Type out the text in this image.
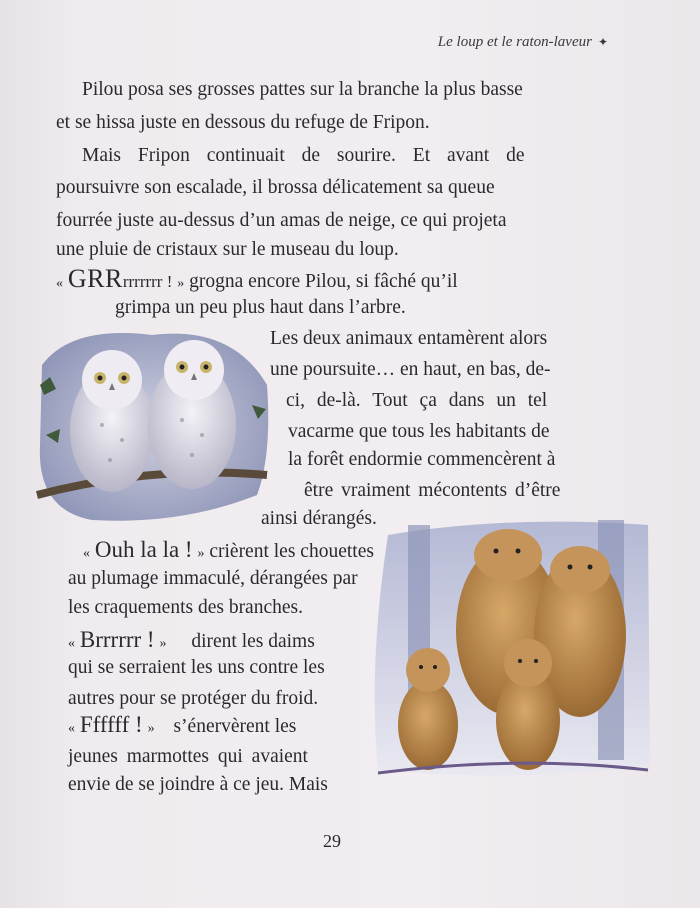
Le loup et le raton-laveur ✦
Pilou posa ses grosses pattes sur la branche la plus basse
et se hissa juste en dessous du refuge de Fripon.
Mais Fripon continuait de sourire. Et avant de
poursuivre son escalade, il brossa délicatement sa queue
fourrée juste au-dessus d’un amas de neige, ce qui projeta
une pluie de cristaux sur le museau du loup.
« GRRrrrrrrr ! » grogna encore Pilou, si fâché qu’il
grimpa un peu plus haut dans l’arbre.
Les deux animaux entamèrent alors
une poursuite… en haut, en bas, de-
ci, de-là. Tout ça dans un tel
vacarme que tous les habitants de
la forêt endormie commencèrent à
être vraiment mécontents d’être
ainsi dérangés.
« Ouh la la ! » crièrent les chouettes
au plumage immaculé, dérangées par
les craquements des branches.
« Brrrrrr ! » dirent les daims
qui se serraient les uns contre les
autres pour se protéger du froid.
« Ffffff ! » s’énervèrent les
jeunes marmottes qui avaient
envie de se joindre à ce jeu. Mais
29
